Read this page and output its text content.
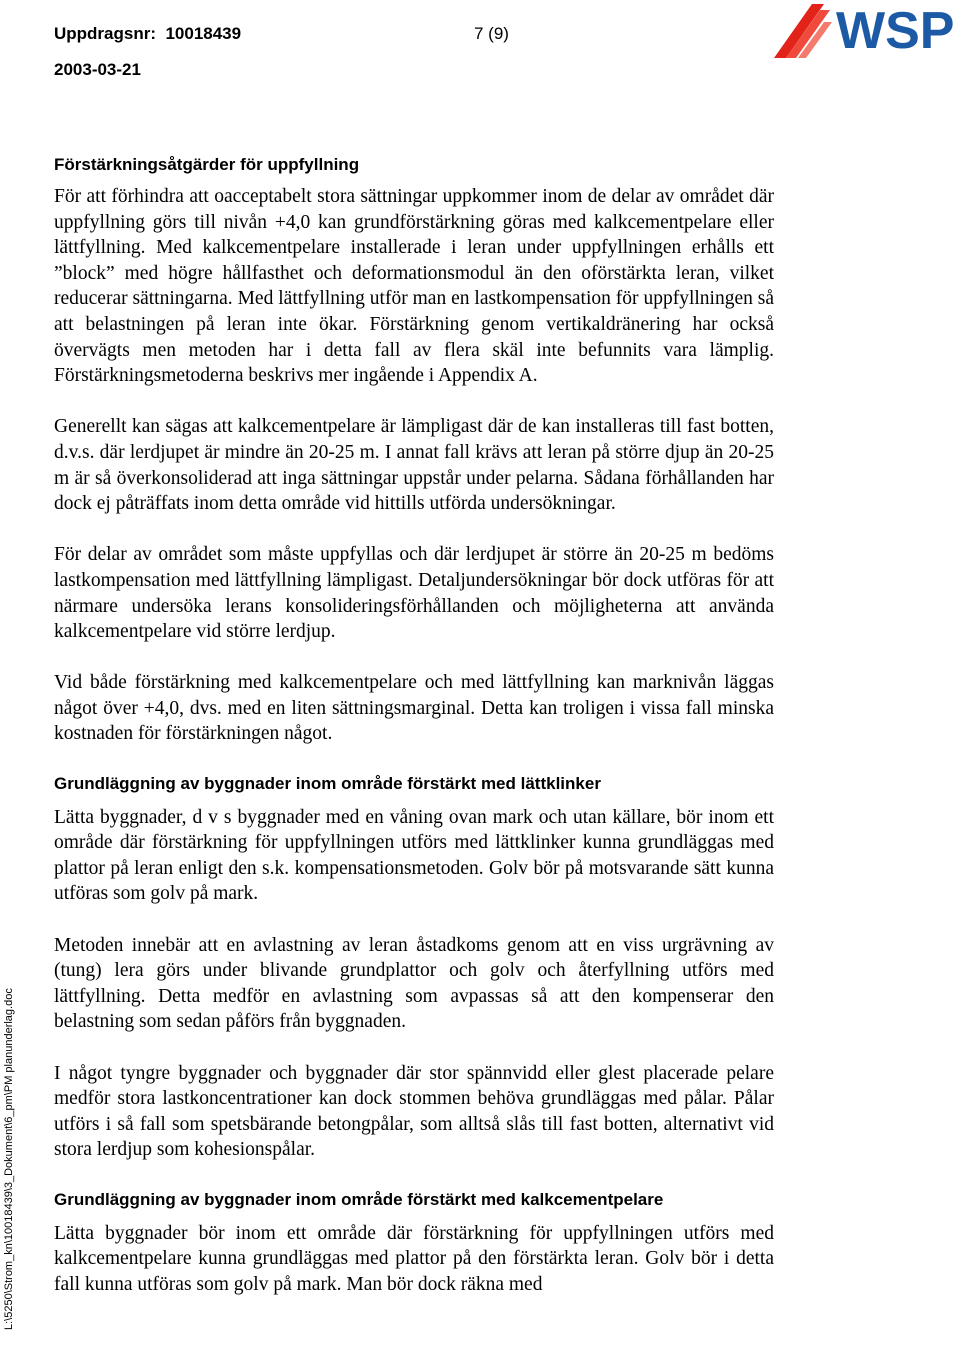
Uppdragsnr: 10018439	7 (9)
2003-03-21
WSP
L:\5250\Strom_kn\10018439\3_Dokument\6_pm\PM planunderlag.doc
Förstärkningsåtgärder för uppfyllning

För att förhindra att oacceptabelt stora sättningar uppkommer inom de delar av området där uppfyllning görs till nivån +4,0 kan grundförstärkning göras med kalkcementpelare eller lättfyllning. Med kalkcementpelare installerade i leran under uppfyllningen erhålls ett ”block” med högre hållfasthet och deformationsmodul än den oförstärkta leran, vilket reducerar sättningarna. Med lättfyllning utför man en lastkompensation för uppfyllningen så att belastningen på leran inte ökar. Förstärkning genom vertikaldränering har också övervägts men metoden har i detta fall av flera skäl inte befunnits vara lämplig. Förstärkningsmetoderna beskrivs mer ingående i Appendix A.

Generellt kan sägas att kalkcementpelare är lämpligast där de kan installeras till fast botten, d.v.s. där lerdjupet är mindre än 20-25 m. I annat fall krävs att leran på större djup än 20-25 m är så överkonsoliderad att inga sättningar uppstår under pelarna. Sådana förhållanden har dock ej påträffats inom detta område vid hittills utförda undersökningar.

För delar av området som måste uppfyllas och där lerdjupet är större än 20-25 m bedöms lastkompensation med lättfyllning lämpligast. Detaljundersökningar bör dock utföras för att närmare undersöka lerans konsolideringsförhållanden och möjligheterna att använda kalkcementpelare vid större lerdjup.

Vid både förstärkning med kalkcementpelare och med lättfyllning kan marknivån läggas något över +4,0, dvs. med en liten sättningsmarginal. Detta kan troligen i vissa fall minska kostnaden för förstärkningen något.

Grundläggning av byggnader inom område förstärkt med lättklinker

Lätta byggnader, d v s byggnader med en våning ovan mark och utan källare, bör inom ett område där förstärkning för uppfyllningen utförs med lättklinker kunna grundläggas med plattor på leran enligt den s.k. kompensationsmetoden. Golv bör på motsvarande sätt kunna utföras som golv på mark.

Metoden innebär att en avlastning av leran åstadkoms genom att en viss urgrävning av (tung) lera görs under blivande grundplattor och golv och återfyllning utförs med lättfyllning. Detta medför en avlastning som avpassas så att den kompenserar den belastning som sedan påförs från byggnaden.

I något tyngre byggnader och byggnader där stor spännvidd eller glest placerade pelare medför stora lastkoncentrationer kan dock stommen behöva grundläggas med pålar. Pålar utförs i så fall som spetsbärande betongpålar, som alltså slås till fast botten, alternativt vid stora lerdjup som kohesionspålar.

Grundläggning av byggnader inom område förstärkt med kalkcementpelare

Lätta byggnader bör inom ett område där förstärkning för uppfyllningen utförs med kalkcementpelare kunna grundläggas med plattor på den förstärkta leran. Golv bör i detta fall kunna utföras som golv på mark. Man bör dock räkna med
